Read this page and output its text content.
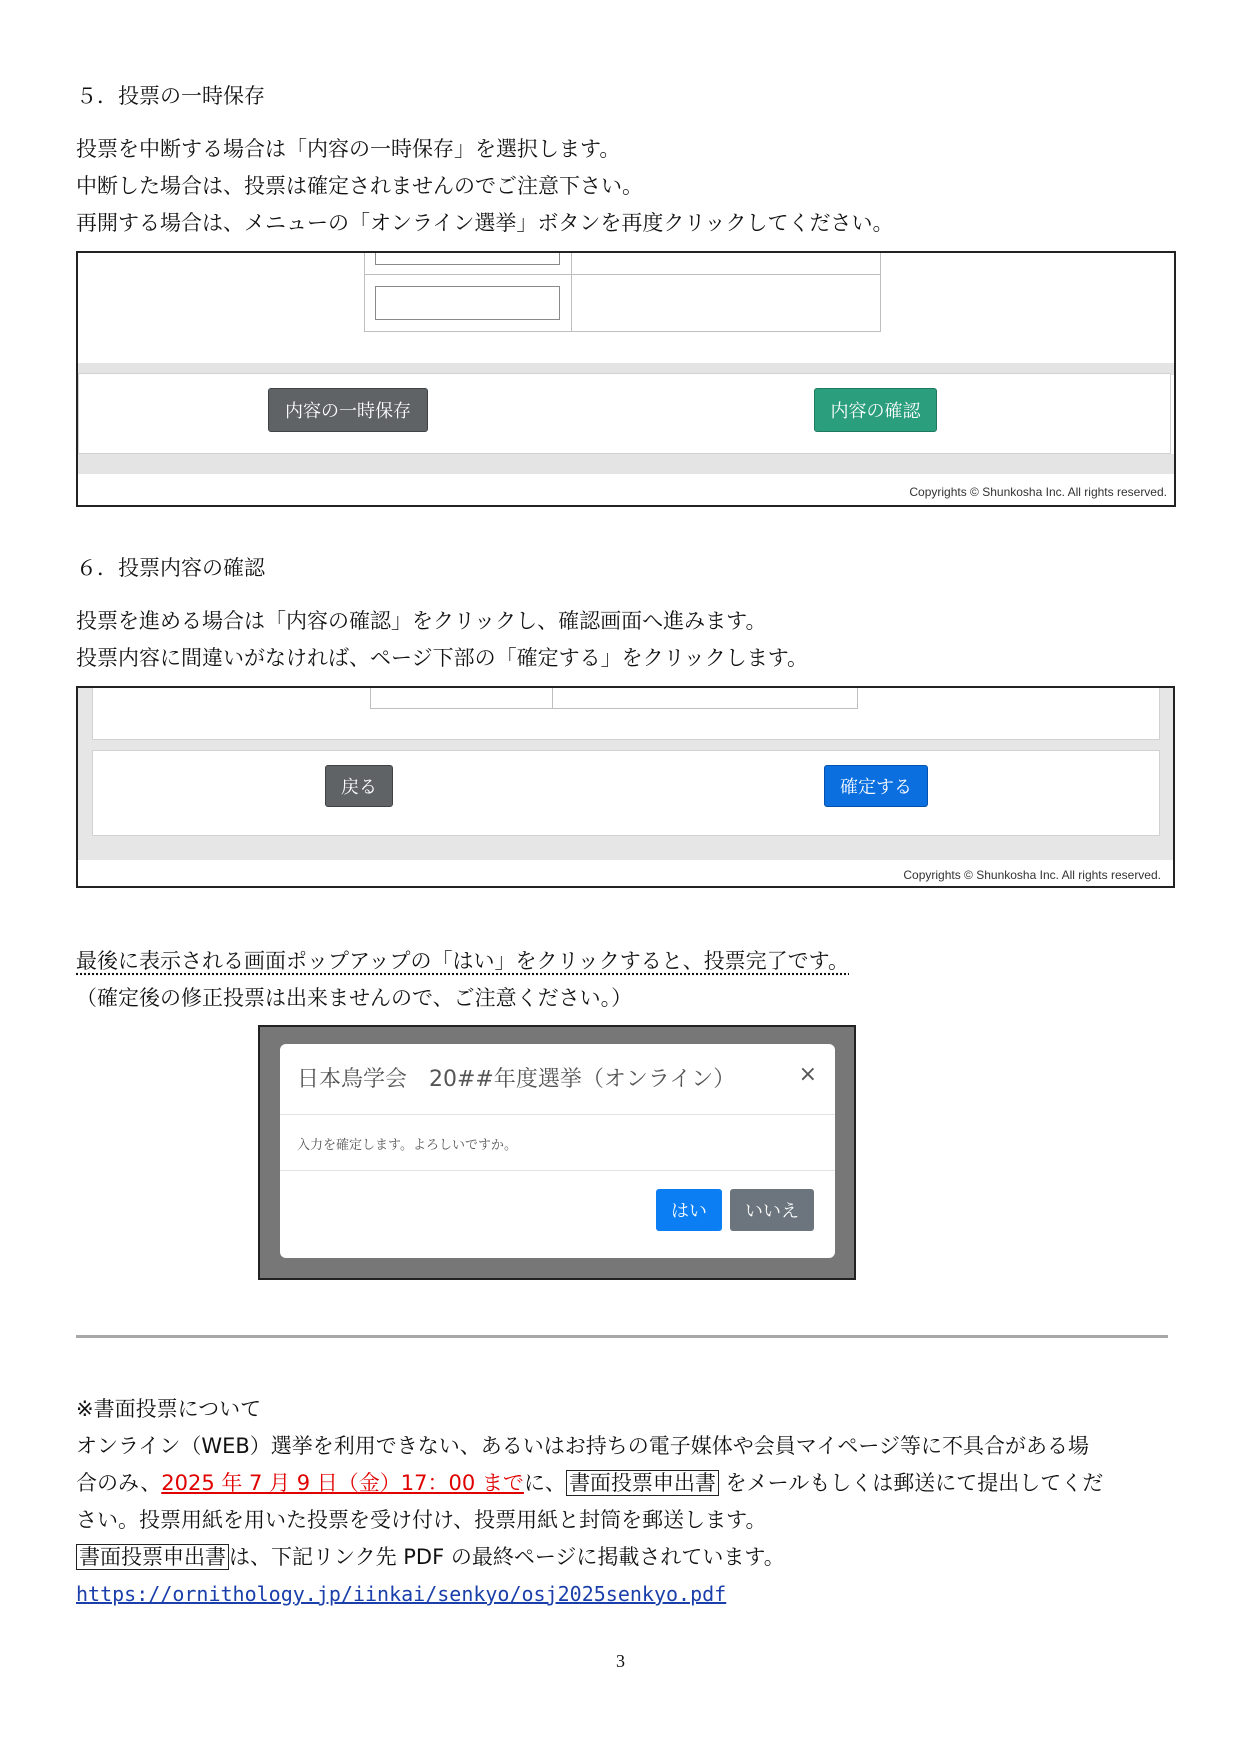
５．投票の一時保存
投票を中断する場合は「内容の一時保存」を選択します。
中断した場合は、投票は確定されませんのでご注意下さい。
再開する場合は、メニューの「オンライン選挙」ボタンを再度クリックしてください。
内容の一時保存	内容の確認
Copyrights © Shunkosha Inc. All rights reserved.
６．投票内容の確認
投票を進める場合は「内容の確認」をクリックし、確認画面へ進みます。
投票内容に間違いがなければ、ページ下部の「確定する」をクリックします。
戻る	確定する
Copyrights © Shunkosha Inc. All rights reserved.
最後に表示される画面ポップアップの「はい」をクリックすると、投票完了です。
（確定後の修正投票は出来ませんので、ご注意ください。）
日本鳥学会　20##年度選挙（オンライン）	×
入力を確定します。よろしいですか。
はい	いいえ
※書面投票について
オンライン（WEB）選挙を利用できない、あるいはお持ちの電子媒体や会員マイページ等に不具合がある場
合のみ、2025 年 7 月 9 日（金）17：00 までに、 書面投票申出書 をメールもしくは郵送にて提出してくだ
さい。投票用紙を用いた投票を受け付け、投票用紙と封筒を郵送します。
書面投票申出書 は、下記リンク先 PDF の最終ページに掲載されています。
https://ornithology.jp/iinkai/senkyo/osj2025senkyo.pdf
3
